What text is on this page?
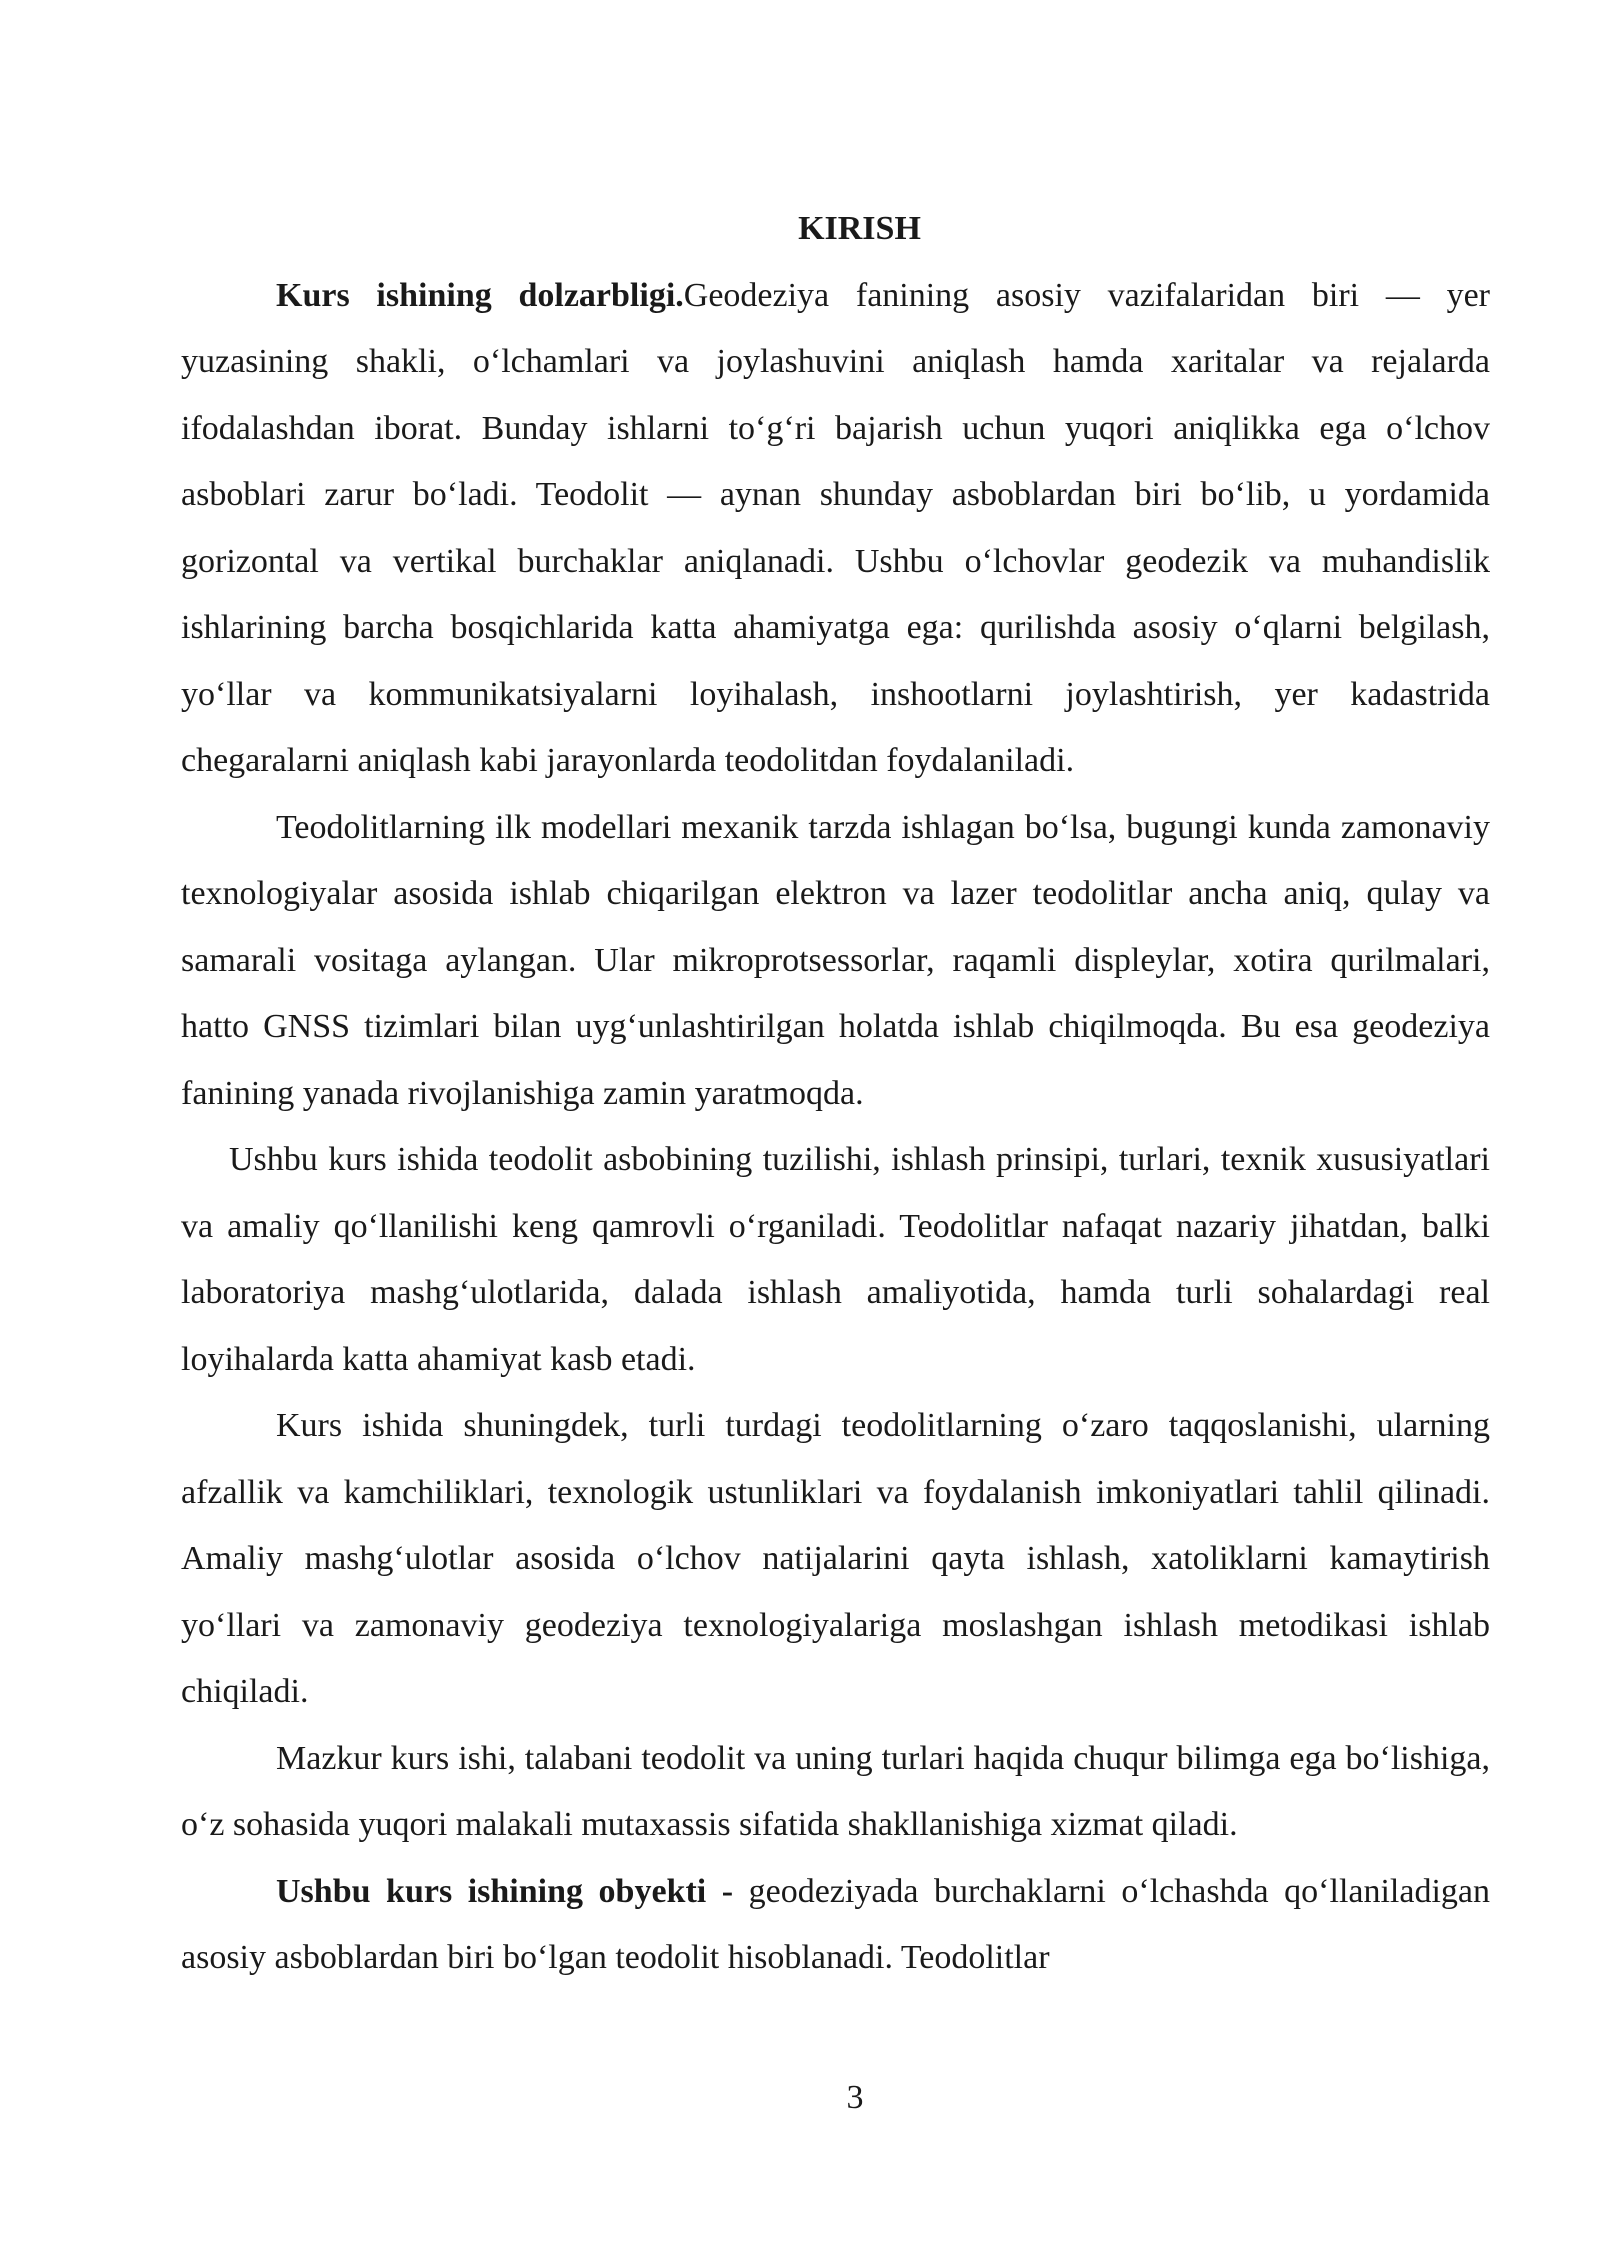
KIRISH

Kurs ishining dolzarbligi.Geodeziya fanining asosiy vazifalaridan biri — yer yuzasining shakli, oʻlchamlari va joylashuvini aniqlash hamda xaritalar va rejalarda ifodalashdan iborat. Bunday ishlarni toʻgʻri bajarish uchun yuqori aniqlikka ega oʻlchov asboblari zarur boʻladi. Teodolit — aynan shunday asboblardan biri boʻlib, u yordamida gorizontal va vertikal burchaklar aniqlanadi. Ushbu oʻlchovlar geodezik va muhandislik ishlarining barcha bosqichlarida katta ahamiyatga ega: qurilishda asosiy oʻqlarni belgilash, yoʻllar va kommunikatsiyalarni loyihalash, inshootlarni joylashtirish, yer kadastrida chegaralarni aniqlash kabi jarayonlarda teodolitdan foydalaniladi.

Teodolitlarning ilk modellari mexanik tarzda ishlagan boʻlsa, bugungi kunda zamonaviy texnologiyalar asosida ishlab chiqarilgan elektron va lazer teodolitlar ancha aniq, qulay va samarali vositaga aylangan. Ular mikroprotsessorlar, raqamli displeylar, xotira qurilmalari, hatto GNSS tizimlari bilan uygʻunlashtirilgan holatda ishlab chiqilmoqda. Bu esa geodeziya fanining yanada rivojlanishiga zamin yaratmoqda.

Ushbu kurs ishida teodolit asbobining tuzilishi, ishlash prinsipi, turlari, texnik xususiyatlari va amaliy qoʻllanilishi keng qamrovli oʻrganiladi. Teodolitlar nafaqat nazariy jihatdan, balki laboratoriya mashgʻulotlarida, dalada ishlash amaliyotida, hamda turli sohalardagi real loyihalarda katta ahamiyat kasb etadi.

Kurs ishida shuningdek, turli turdagi teodolitlarning oʻzaro taqqoslanishi, ularning afzallik va kamchiliklari, texnologik ustunliklari va foydalanish imkoniyatlari tahlil qilinadi. Amaliy mashgʻulotlar asosida oʻlchov natijalarini qayta ishlash, xatoliklarni kamaytirish yoʻllari va zamonaviy geodeziya texnologiyalariga moslashgan ishlash metodikasi ishlab chiqiladi.

Mazkur kurs ishi, talabani teodolit va uning turlari haqida chuqur bilimga ega boʻlishiga, oʻz sohasida yuqori malakali mutaxassis sifatida shakllanishiga xizmat qiladi.

Ushbu kurs ishining obyekti - geodeziyada burchaklarni oʻlchashda qoʻllaniladigan asosiy asboblardan biri boʻlgan teodolit hisoblanadi. Teodolitlar

3
